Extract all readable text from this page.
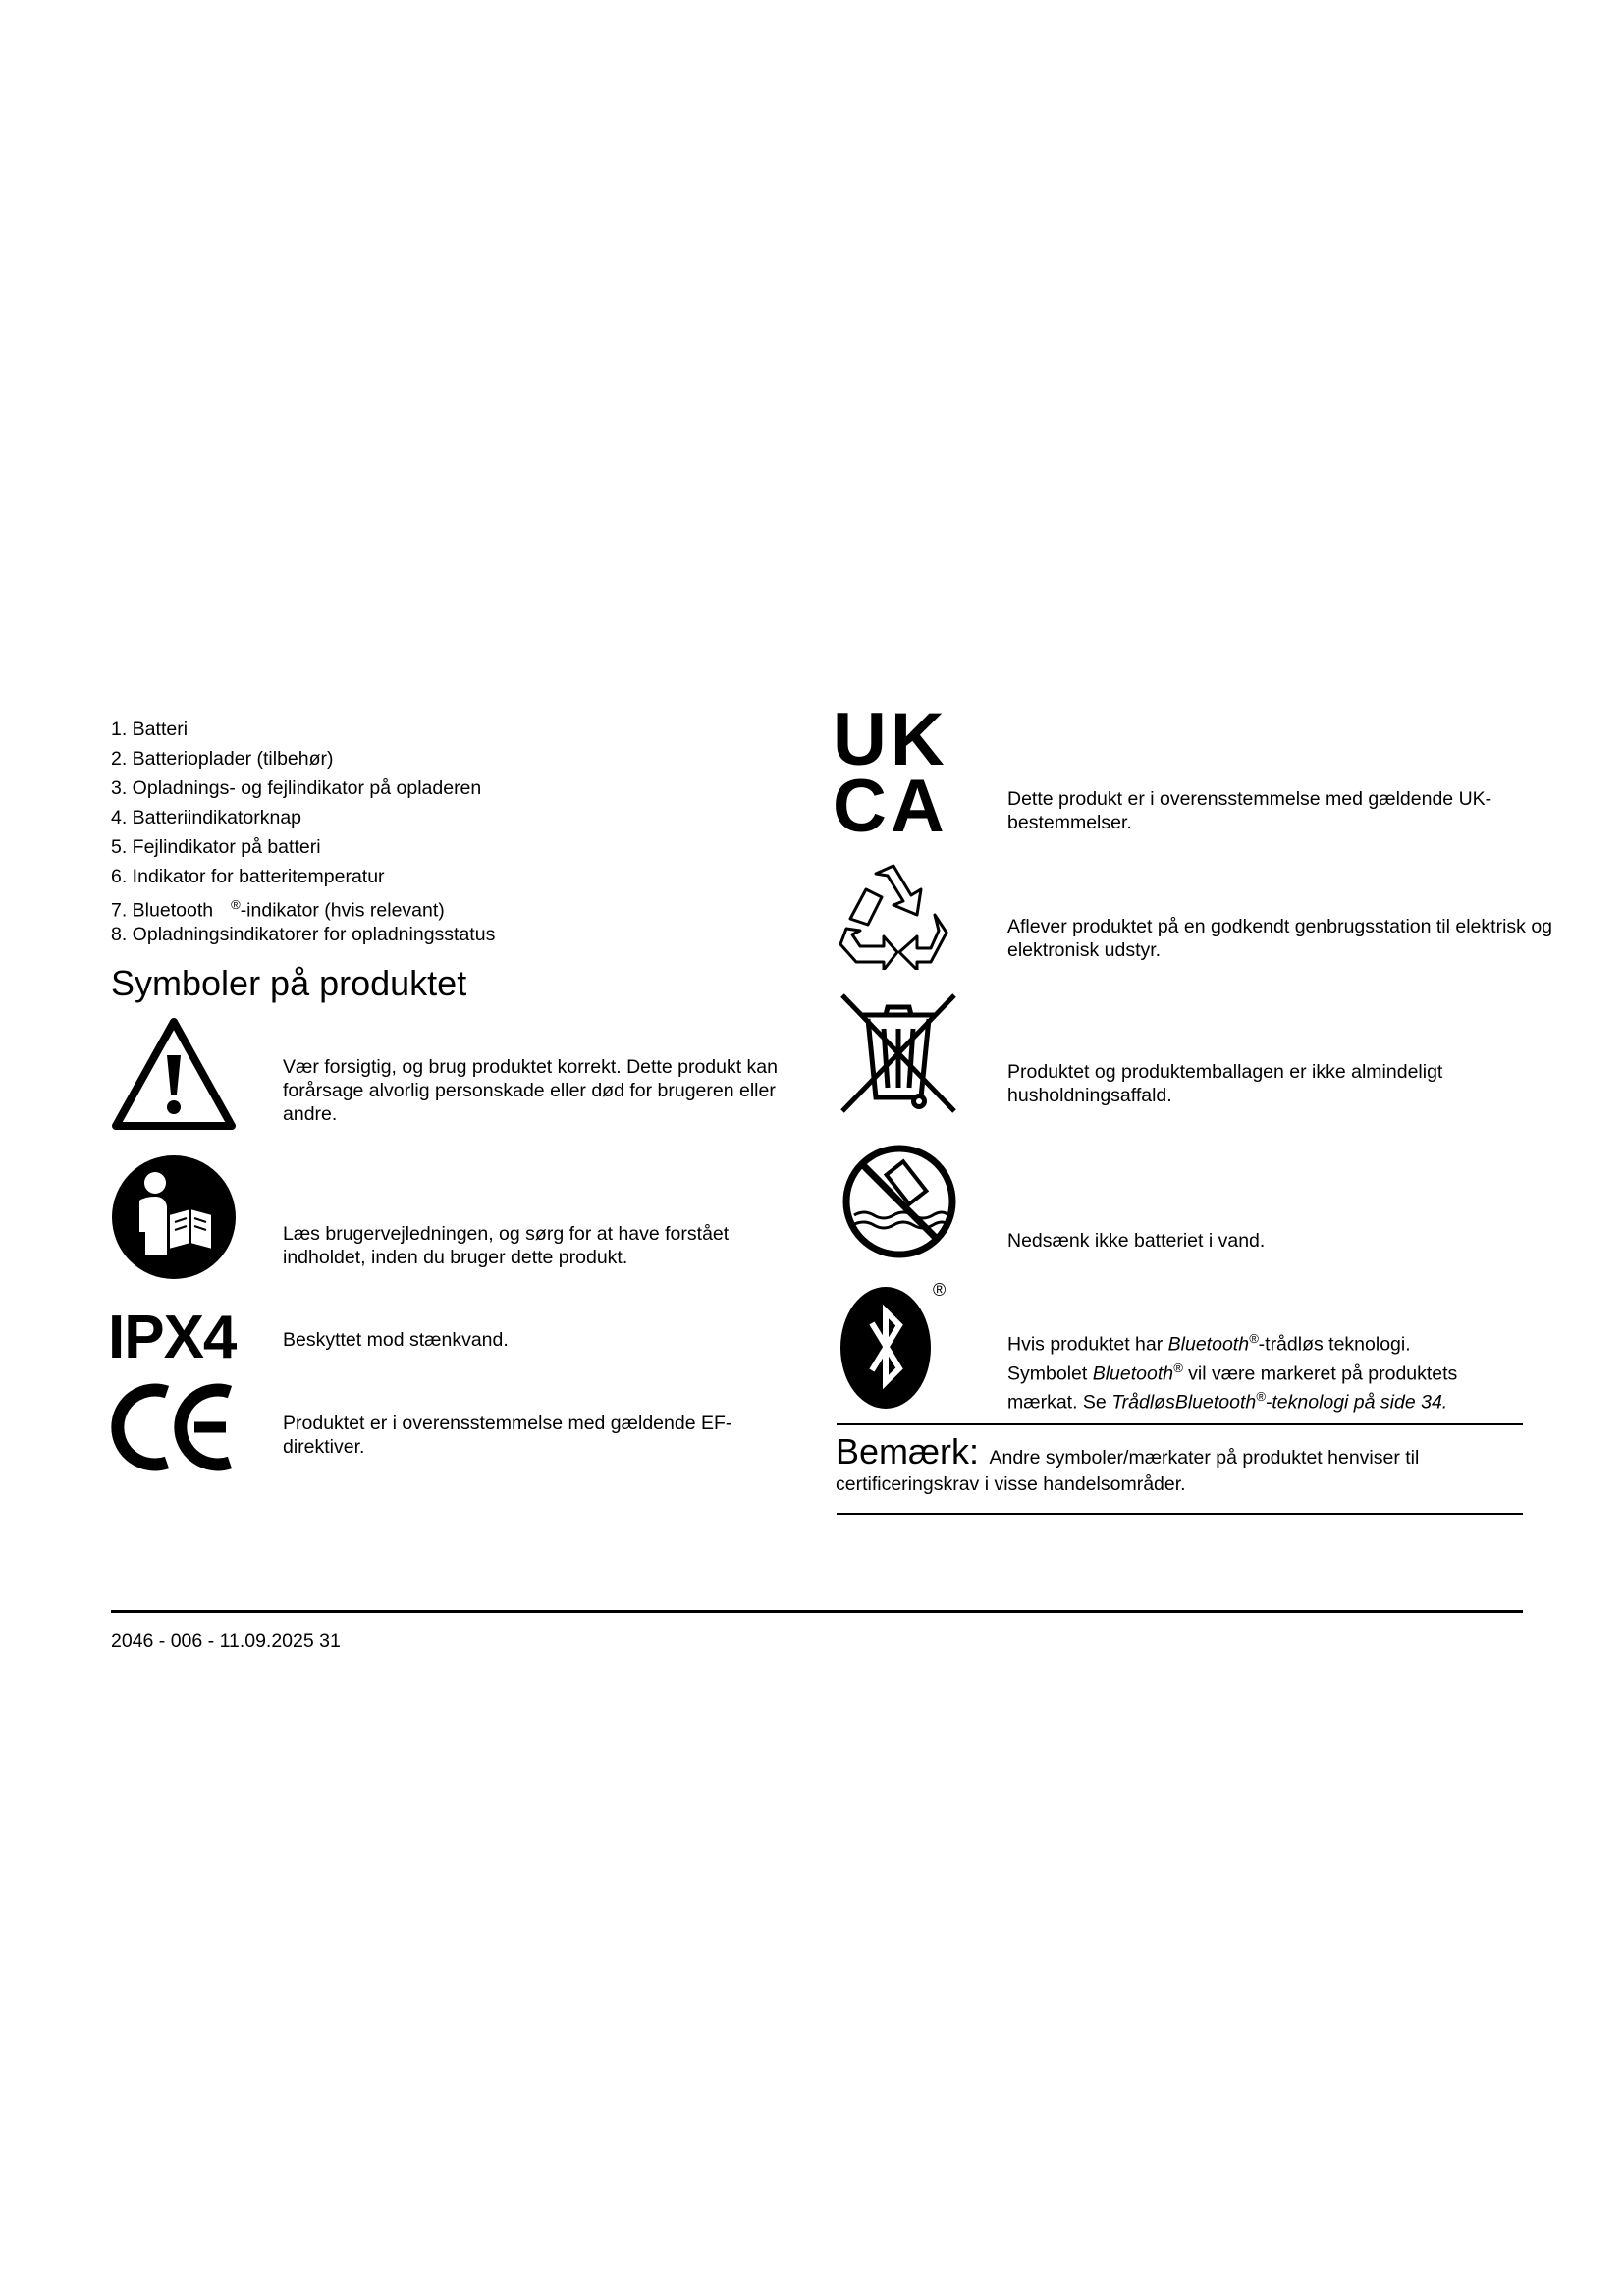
1. Batteri
2. Batterioplader (tilbehør)
3. Opladnings- og fejlindikator på opladeren
4. Batteriindikatorknap
5. Fejlindikator på batteri
6. Indikator for batteritemperatur
7. Bluetooth ®-indikator (hvis relevant)
8. Opladningsindikatorer for opladningsstatus
Symboler på produktet
Vær forsigtig, og brug produktet korrekt. Dette produkt kan forårsage alvorlig personskade eller død for brugeren eller andre.
Læs brugervejledningen, og sørg for at have forstået indholdet, inden du bruger dette produkt.
IPX4 Beskyttet mod stænkvand.
Produktet er i overensstemmelse med gældende EF-direktiver.
UK
CA	Dette produkt er i overensstemmelse med gældende UK-bestemmelser.
Aflever produktet på en godkendt genbrugsstation til elektrisk og elektronisk udstyr.
Produktet og produktemballagen er ikke almindeligt husholdningsaffald.
Nedsænk ikke batteriet i vand.
®
Hvis produktet har Bluetooth®-trådløs teknologi.
Symbolet Bluetooth® vil være markeret på produktets
mærkat. Se TrådløsBluetooth®-teknologi på side 34.
Bemærk: Andre symboler/mærkater på produktet henviser til
certificeringskrav i visse handelsområder.
2046 - 006 - 11.09.2025 31
